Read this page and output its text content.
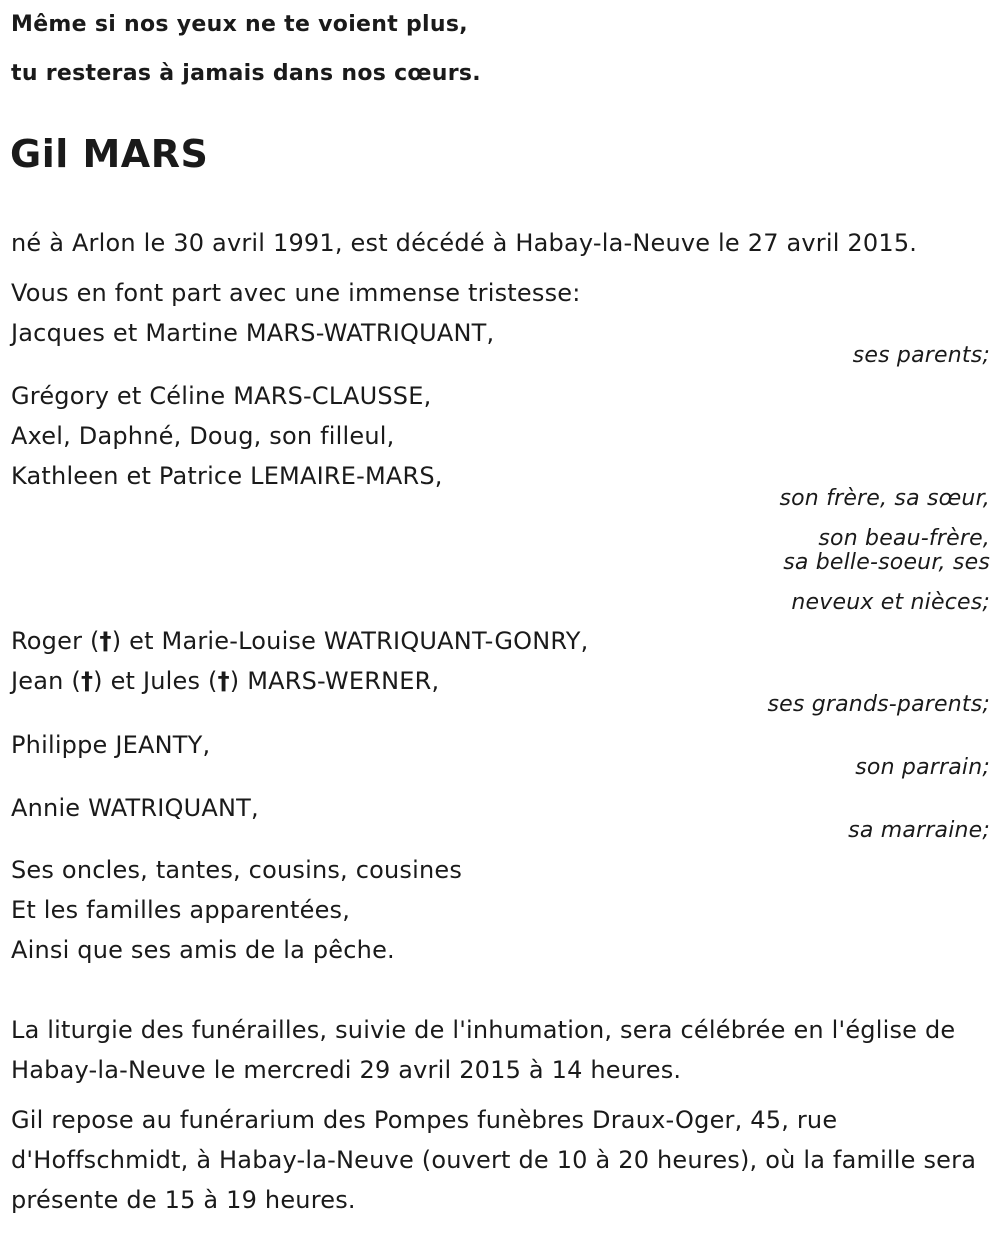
Même si nos yeux ne te voient plus,
tu resteras à jamais dans nos cœurs.
Gil MARS
né à Arlon le 30 avril 1991, est décédé à Habay-la-Neuve le 27 avril 2015.
Vous en font part avec une immense tristesse:
Jacques et Martine MARS-WATRIQUANT,
ses parents;
Grégory et Céline MARS-CLAUSSE,
Axel, Daphné, Doug, son filleul,
Kathleen et Patrice LEMAIRE-MARS,
son frère, sa sœur,
son beau-frère,
sa belle-soeur, ses
neveux et nièces;
Roger (†) et Marie-Louise WATRIQUANT-GONRY,
Jean (†) et Jules (†) MARS-WERNER,
ses grands-parents;
Philippe JEANTY,
son parrain;
Annie WATRIQUANT,
sa marraine;
Ses oncles, tantes, cousins, cousines
Et les familles apparentées,
Ainsi que ses amis de la pêche.
La liturgie des funérailles, suivie de l'inhumation, sera célébrée en l'église de Habay-la-Neuve le mercredi 29 avril 2015 à 14 heures.
Gil repose au funérarium des Pompes funèbres Draux-Oger, 45, rue d'Hoffschmidt, à Habay-la-Neuve (ouvert de 10 à 20 heures), où la famille sera présente de 15 à 19 heures.
